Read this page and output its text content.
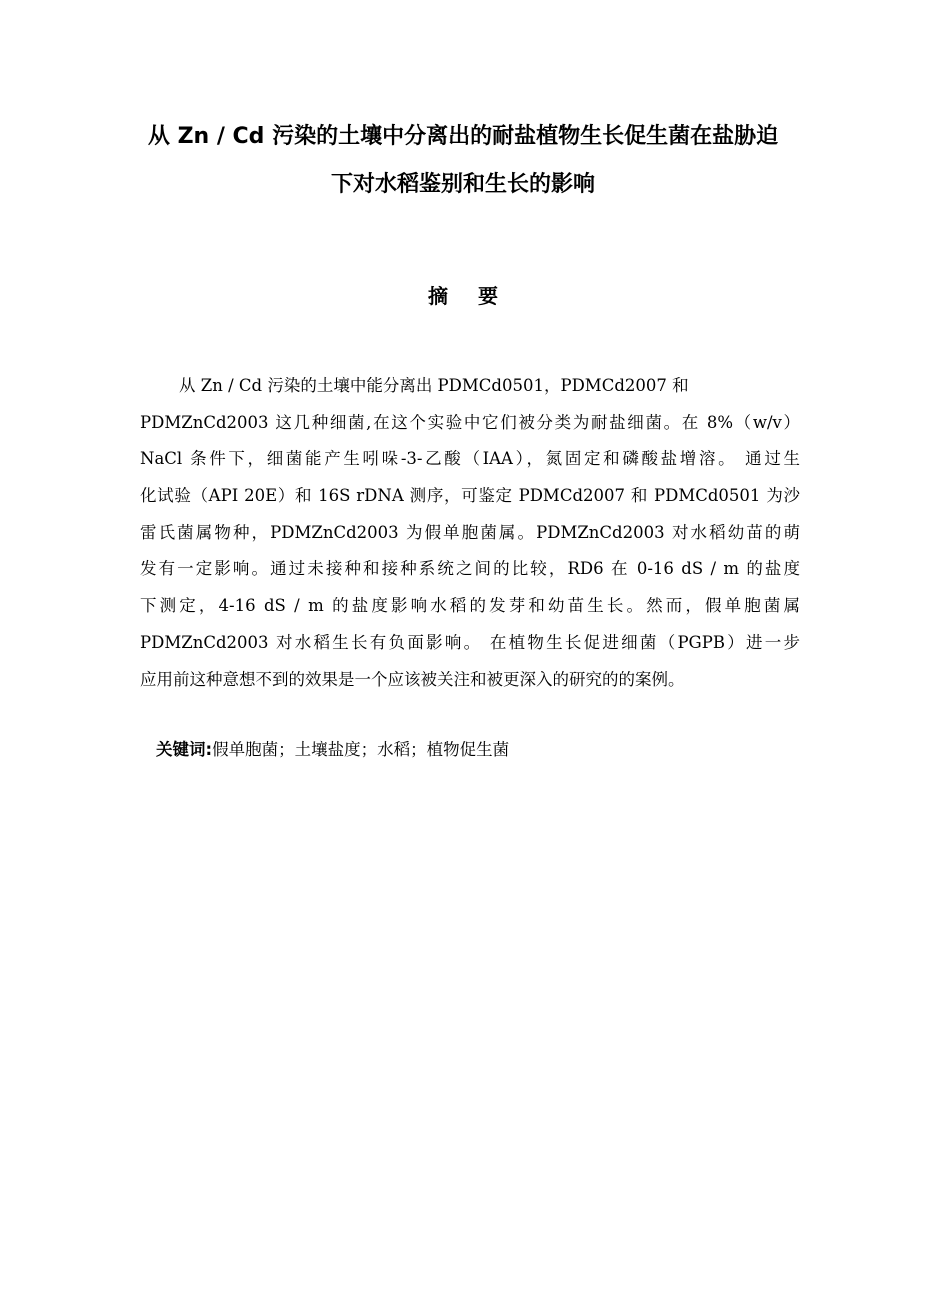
从 Zn / Cd 污染的土壤中分离出的耐盐植物生长促生菌在盐胁迫
下对水稻鉴别和生长的影响
摘 要
从 Zn / Cd 污染的土壤中能分离出 PDMCd0501，PDMCd2007 和
PDMZnCd2003 这几种细菌,在这个实验中它们被分类为耐盐细菌。在 8%（w/v）
NaCl 条件下，细菌能产生吲哚-3-乙酸（IAA），氮固定和磷酸盐增溶。 通过生
化试验（API 20E）和 16S rDNA 测序，可鉴定 PDMCd2007 和 PDMCd0501 为沙
雷氏菌属物种，PDMZnCd2003 为假单胞菌属。PDMZnCd2003 对水稻幼苗的萌
发有一定影响。通过未接种和接种系统之间的比较，RD6 在 0-16 dS / m 的盐度
下测定，4-16 dS / m 的盐度影响水稻的发芽和幼苗生长。然而，假单胞菌属
PDMZnCd2003 对水稻生长有负面影响。 在植物生长促进细菌（PGPB）进一步
应用前这种意想不到的效果是一个应该被关注和被更深入的研究的的案例。
关键词:假单胞菌；土壤盐度；水稻；植物促生菌
